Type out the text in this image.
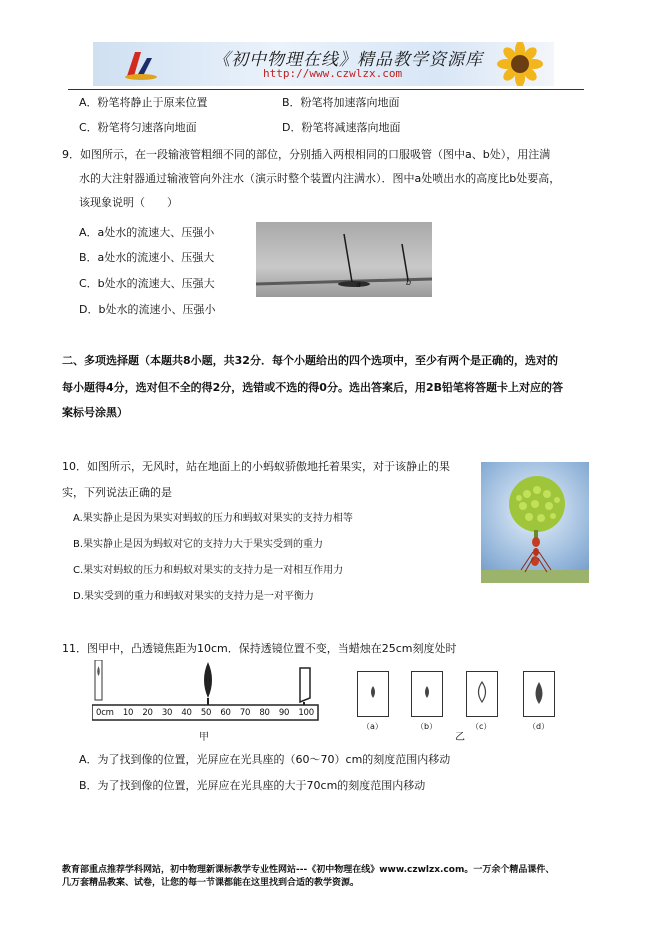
《初中物理在线》精品教学资源库
http://www.czwlzx.com
A．粉笔将静止于原来位置	B．粉笔将加速落向地面
C．粉笔将匀速落向地面	D．粉笔将减速落向地面
9．如图所示，在一段输液管粗细不同的部位，分别插入两根相同的口服吸管（图中a、b处），用注满
水的大注射器通过输液管向外注水（演示时整个装置内注满水）．图中a处喷出水的高度比b处要高，
该现象说明（　　）
A．a处水的流速大、压强小
B．a处水的流速小、压强大
C．b处水的流速大、压强大
D．b处水的流速小、压强小
a	b
二、多项选择题（本题共8小题，共32分．每个小题给出的四个选项中，至少有两个是正确的，选对的
每小题得4分，选对但不全的得2分，选错或不选的得0分。选出答案后，用2B铅笔将答题卡上对应的答
案标号涂黑）
10．如图所示，无风时，站在地面上的小蚂蚁骄傲地托着果实，对于该静止的果
实，下列说法正确的是
A.果实静止是因为果实对蚂蚁的压力和蚂蚁对果实的支持力相等
B.果实静止是因为蚂蚁对它的支持力大于果实受到的重力
C.果实对蚂蚁的压力和蚂蚁对果实的支持力是一对相互作用力
D.果实受到的重力和蚂蚁对果实的支持力是一对平衡力
11．图甲中，凸透镜焦距为10cm．保持透镜位置不变，当蜡烛在25cm刻度处时
0cm 10 20 30 40 50 60 70 80 90 100
甲
（a）	（b）	（c）	（d）
乙
A．为了找到像的位置，光屏应在光具座的（60～70）cm的刻度范围内移动
B．为了找到像的位置，光屏应在光具座的大于70cm的刻度范围内移动
教育部重点推荐学科网站，初中物理新课标教学专业性网站---《初中物理在线》www.czwlzx.com。一万余个精品课件、
几万套精品教案、试卷，让您的每一节课都能在这里找到合适的教学资源。
